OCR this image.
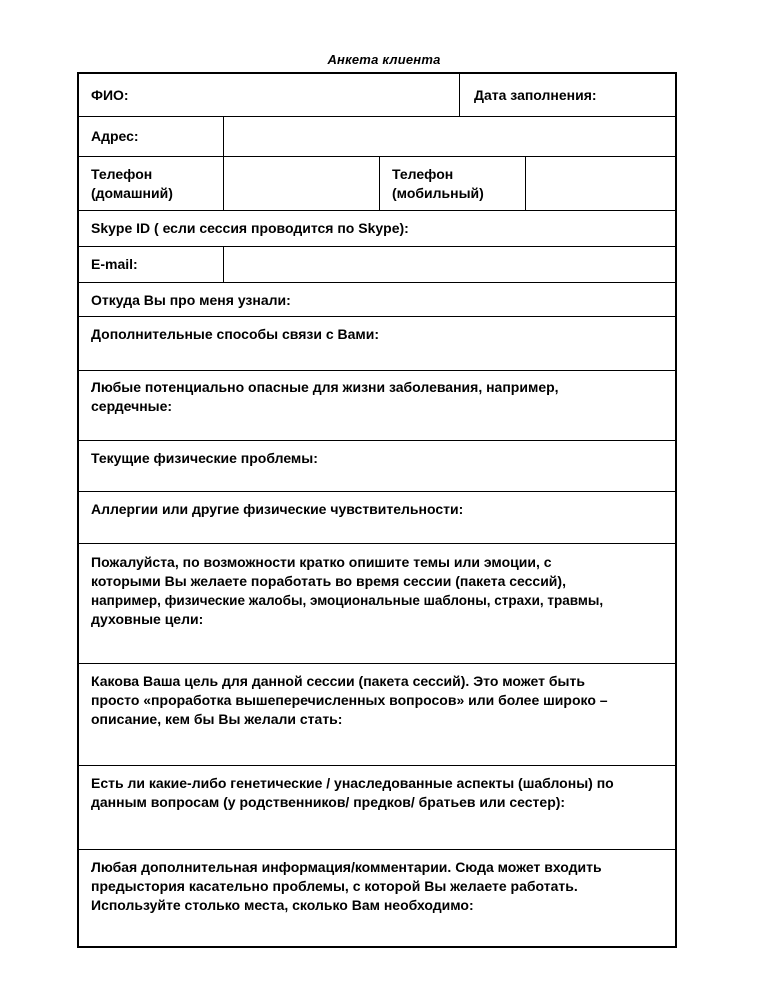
Анкета клиента
ФИО:	Дата заполнения:
Адрес:
Телефон
(домашний)
Телефон
(мобильный)
Skype ID ( если сессия проводится по Skype):
E-mail:
Откуда Вы про меня узнали:
Дополнительные способы связи с Вами:
Любые потенциально опасные для жизни заболевания, например,
сердечные:
Текущие физические проблемы:
Аллергии или другие физические чувствительности:
Пожалуйста, по возможности кратко опишите темы или эмоции, с
которыми Вы желаете поработать во время сессии (пакета сессий),
например, физические жалобы, эмоциональные шаблоны, страхи, травмы,
духовные цели:
Какова Ваша цель для данной сессии (пакета сессий). Это может быть
просто «проработка вышеперечисленных вопросов» или более широко –
описание, кем бы Вы желали стать:
Есть ли какие-либо генетические / унаследованные аспекты (шаблоны) по
данным вопросам (у родственников/ предков/ братьев или сестер):
Любая дополнительная информация/комментарии. Сюда может входить
предыстория касательно проблемы, с которой Вы желаете работать.
Используйте столько места, сколько Вам необходимо:
